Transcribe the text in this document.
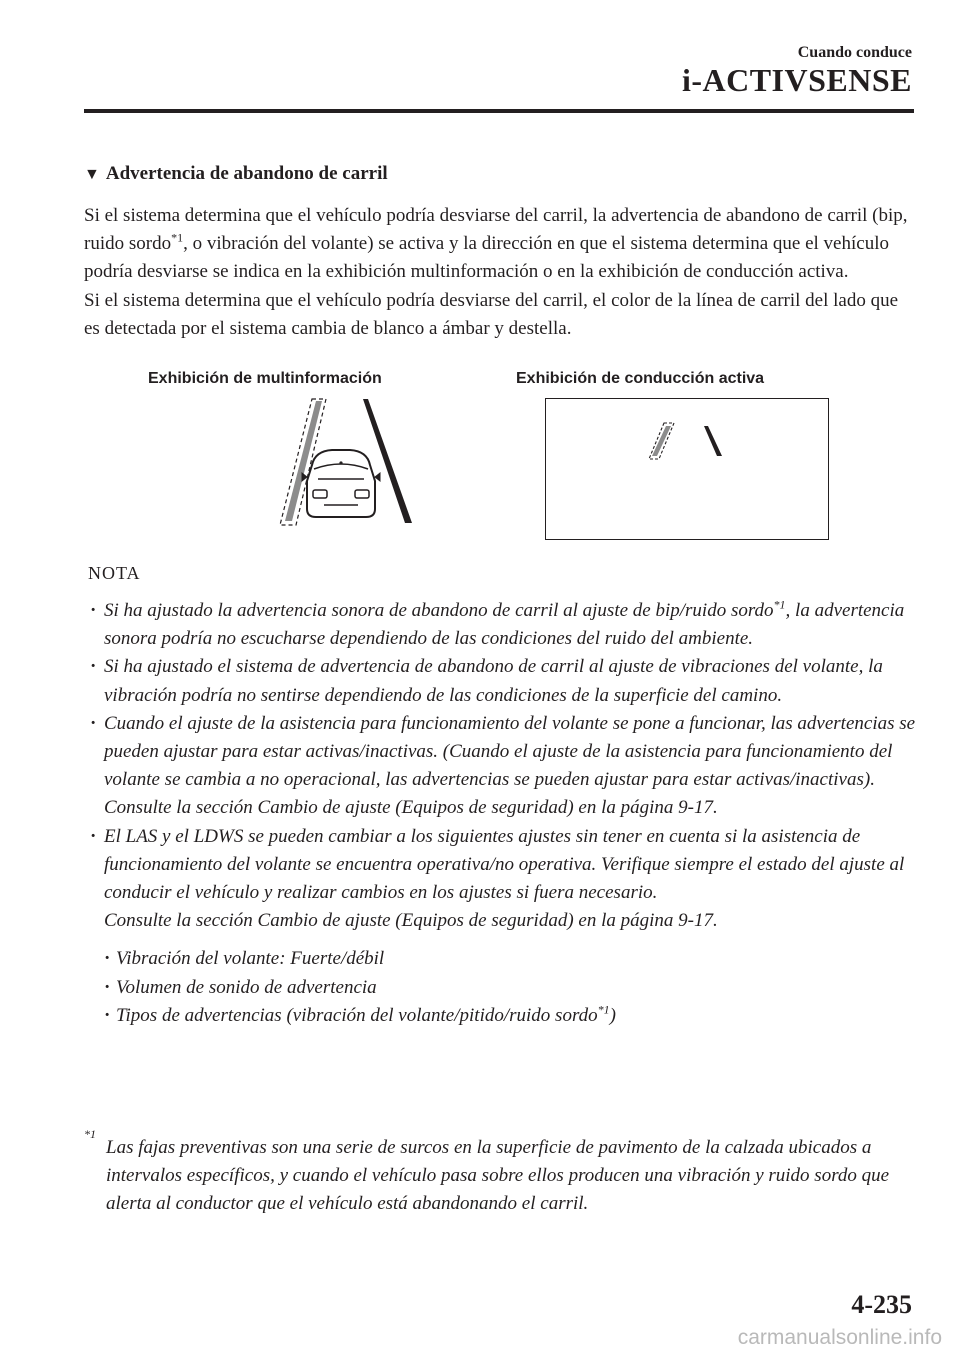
Cuando conduce
i-ACTIVSENSE
▼ Advertencia de abandono de carril

Si el sistema determina que el vehículo podría desviarse del carril, la advertencia de abandono de carril (bip, ruido sordo$^{*1}$, o vibración del volante) se activa y la dirección en que el sistema determina que el vehículo podría desviarse se indica en la exhibición multinformación o en la exhibición de conducción activa.

Si el sistema determina que el vehículo podría desviarse del carril, el color de la línea de carril del lado que es detectada por el sistema cambia de blanco a ámbar y destella.

Exhibición de multinformación	Exhibición de conducción activa
NOTA

· Si ha ajustado la advertencia sonora de abandono de carril al ajuste de bip/ruido sordo$^{*1}$, la advertencia sonora podría no escucharse dependiendo de las condiciones del ruido del ambiente.

· Si ha ajustado el sistema de advertencia de abandono de carril al ajuste de vibraciones del volante, la vibración podría no sentirse dependiendo de las condiciones de la superficie del camino.

· Cuando el ajuste de la asistencia para funcionamiento del volante se pone a funcionar, las advertencias se pueden ajustar para estar activas/inactivas. (Cuando el ajuste de la asistencia para funcionamiento del volante se cambia a no operacional, las advertencias se pueden ajustar para estar activas/inactivas).
Consulte la sección Cambio de ajuste (Equipos de seguridad) en la página 9-17.

· El LAS y el LDWS se pueden cambiar a los siguientes ajustes sin tener en cuenta si la asistencia de funcionamiento del volante se encuentra operativa/no operativa. Verifique siempre el estado del ajuste al conducir el vehículo y realizar cambios en los ajustes si fuera necesario.
Consulte la sección Cambio de ajuste (Equipos de seguridad) en la página 9-17.

· Vibración del volante: Fuerte/débil

· Volumen de sonido de advertencia

· Tipos de advertencias (vibración del volante/pitido/ruido sordo$^{*1}$)

*1
Las fajas preventivas son una serie de surcos en la superficie de pavimento de la calzada ubicados a intervalos específicos, y cuando el vehículo pasa sobre ellos producen una vibración y ruido sordo que alerta al conductor que el vehículo está abandonando el carril.
4-235
carmanualsonline.info
